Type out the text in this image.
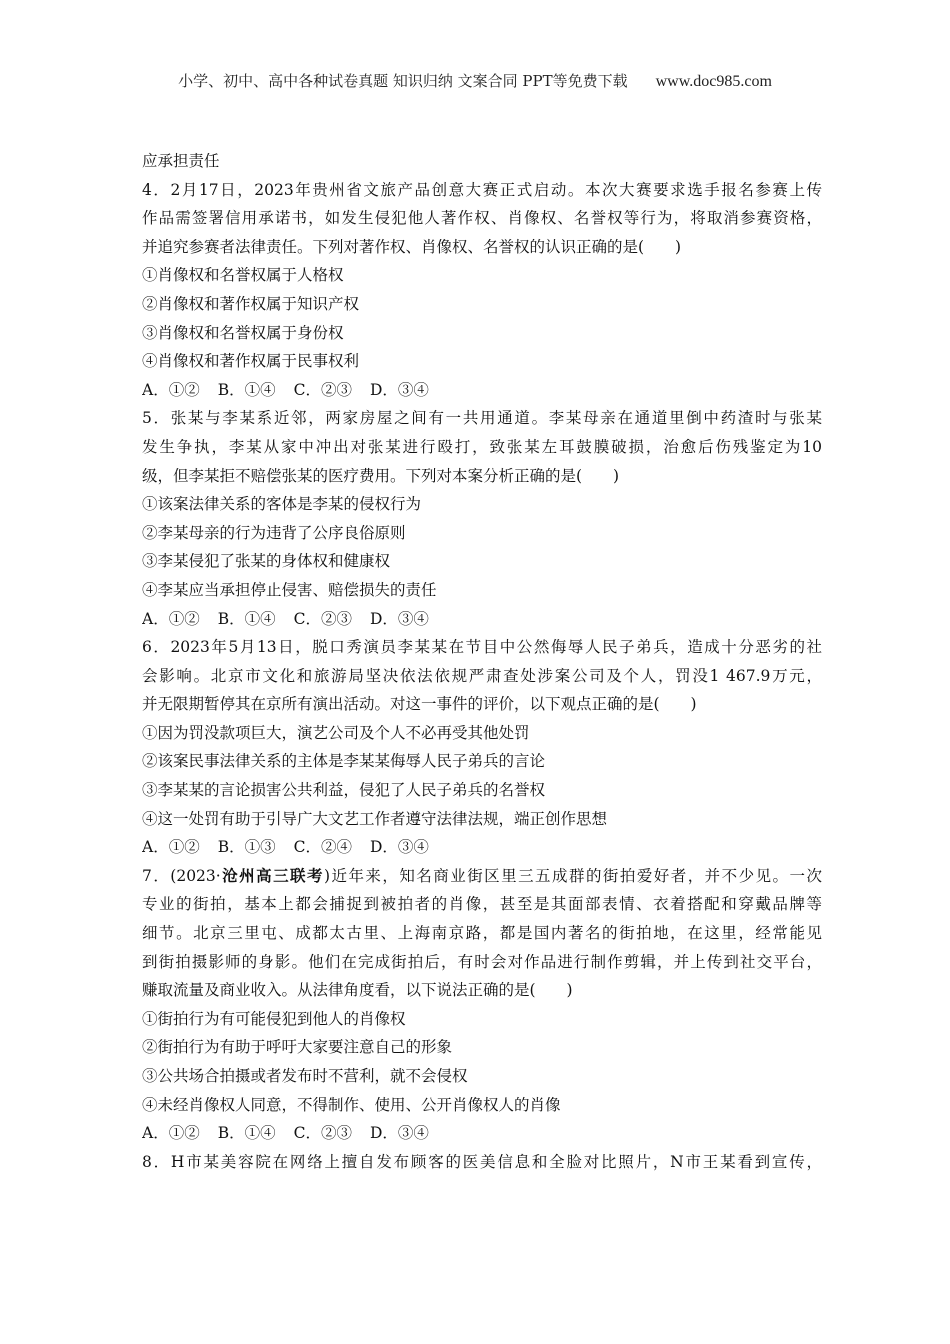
小学、初中、高中各种试卷真题 知识归纳 文案合同 PPT等免费下载 www.doc985.com
应承担责任
4．2月17日，2023年贵州省文旅产品创意大赛正式启动。本次大赛要求选手报名参赛上传
作品需签署信用承诺书，如发生侵犯他人著作权、肖像权、名誉权等行为，将取消参赛资格，
并追究参赛者法律责任。下列对著作权、肖像权、名誉权的认识正确的是(　　)
①肖像权和名誉权属于人格权
②肖像权和著作权属于知识产权
③肖像权和名誉权属于身份权
④肖像权和著作权属于民事权利
A．①② B．①④ C．②③ D．③④
5．张某与李某系近邻，两家房屋之间有一共用通道。李某母亲在通道里倒中药渣时与张某
发生争执，李某从家中冲出对张某进行殴打，致张某左耳鼓膜破损，治愈后伤残鉴定为10
级，但李某拒不赔偿张某的医疗费用。下列对本案分析正确的是(　　)
①该案法律关系的客体是李某的侵权行为
②李某母亲的行为违背了公序良俗原则
③李某侵犯了张某的身体权和健康权
④李某应当承担停止侵害、赔偿损失的责任
A．①② B．①④ C．②③ D．③④
6．2023年5月13日，脱口秀演员李某某在节目中公然侮辱人民子弟兵，造成十分恶劣的社
会影响。北京市文化和旅游局坚决依法依规严肃查处涉案公司及个人，罚没1 467.9万元，
并无限期暂停其在京所有演出活动。对这一事件的评价，以下观点正确的是(　　)
①因为罚没款项巨大，演艺公司及个人不必再受其他处罚
②该案民事法律关系的主体是李某某侮辱人民子弟兵的言论
③李某某的言论损害公共利益，侵犯了人民子弟兵的名誉权
④这一处罚有助于引导广大文艺工作者遵守法律法规，端正创作思想
A．①② B．①③ C．②④ D．③④
7．(2023·沧州高三联考)近年来，知名商业街区里三五成群的街拍爱好者，并不少见。一次
专业的街拍，基本上都会捕捉到被拍者的肖像，甚至是其面部表情、衣着搭配和穿戴品牌等
细节。北京三里屯、成都太古里、上海南京路，都是国内著名的街拍地，在这里，经常能见
到街拍摄影师的身影。他们在完成街拍后，有时会对作品进行制作剪辑，并上传到社交平台，
赚取流量及商业收入。从法律角度看，以下说法正确的是(　　)
①街拍行为有可能侵犯到他人的肖像权
②街拍行为有助于呼吁大家要注意自己的形象
③公共场合拍摄或者发布时不营利，就不会侵权
④未经肖像权人同意，不得制作、使用、公开肖像权人的肖像
A．①② B．①④ C．②③ D．③④
8．H市某美容院在网络上擅自发布顾客的医美信息和全脸对比照片，N市王某看到宣传，
